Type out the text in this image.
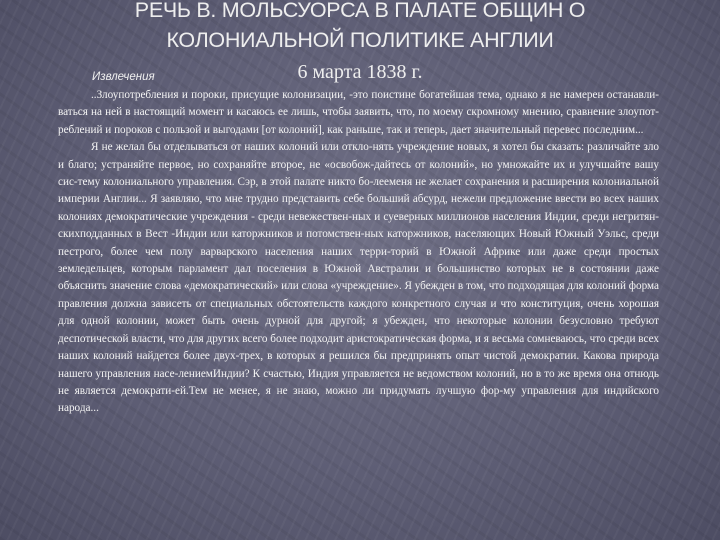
РЕЧЬ В. МОЛЬСУОРСА В ПАЛАТЕ ОБЩИН О
КОЛОНИАЛЬНОЙ ПОЛИТИКЕ АНГЛИИ
6 марта 1838 г.
Извлечения

..Злоупотребления и пороки, присущие колонизации, -это поистине богатейшая тема, однако я не намерен останавли-ваться на ней в настоящий момент и касаюсь ее лишь, чтобы заявить, что, по моему скромному мнению, сравнение злоупот-реблений и пороков с пользой и выгодами [от колоний], как раньше, так и теперь, дает значительный перевес последним...

Я не желал бы отделываться от наших колоний или откло-нять учреждение новых, я хотел бы сказать: различайте зло и благо; устраняйте первое, но сохраняйте второе, не «освобож-дайтесь от колоний», но умножайте их и улучшайте вашу сис-тему колониального управления. Сэр, в этой палате никто бо-лееменя не желает сохранения и расширения колониальной империи Англии... Я заявляю, что мне трудно представить себе больший абсурд, нежели предложение ввести во всех наших колониях демократические учреждения - среди невежествен-ных и суеверных миллионов населения Индии, среди негритян-скихподданных в Вест -Индии или каторжников и потомствен-ных каторжников, населяющих Новый Южный Уэльс, среди пестрого, более чем полу варварского населения наших терри-торий в Южной Африке или даже среди простых земледельцев, которым парламент дал поселения в Южной Австралии и большинство которых не в состоянии даже объяснить значение слова «демократический» или слова «учреждение». Я убежден в том, что подходящая для колоний форма правления должна зависеть от специальных обстоятельств каждого конкретного случая и что конституция, очень хорошая для одной колонии, может быть очень дурной для другой; я убежден, что некоторые колонии безусловно требуют деспотической власти, что для других всего более подходит аристократическая форма, и я весьма сомневаюсь, что среди всех наших колоний найдется более двух-трех, в которых я решился бы предпринять опыт чистой демократии. Какова природа нашего управления насе-лениемИндии? К счастью, Индия управляется не ведомством колоний, но в то же время она отнюдь не является демократи-ей.Тем не менее, я не знаю, можно ли придумать лучшую фор-му управления для индийского народа...
